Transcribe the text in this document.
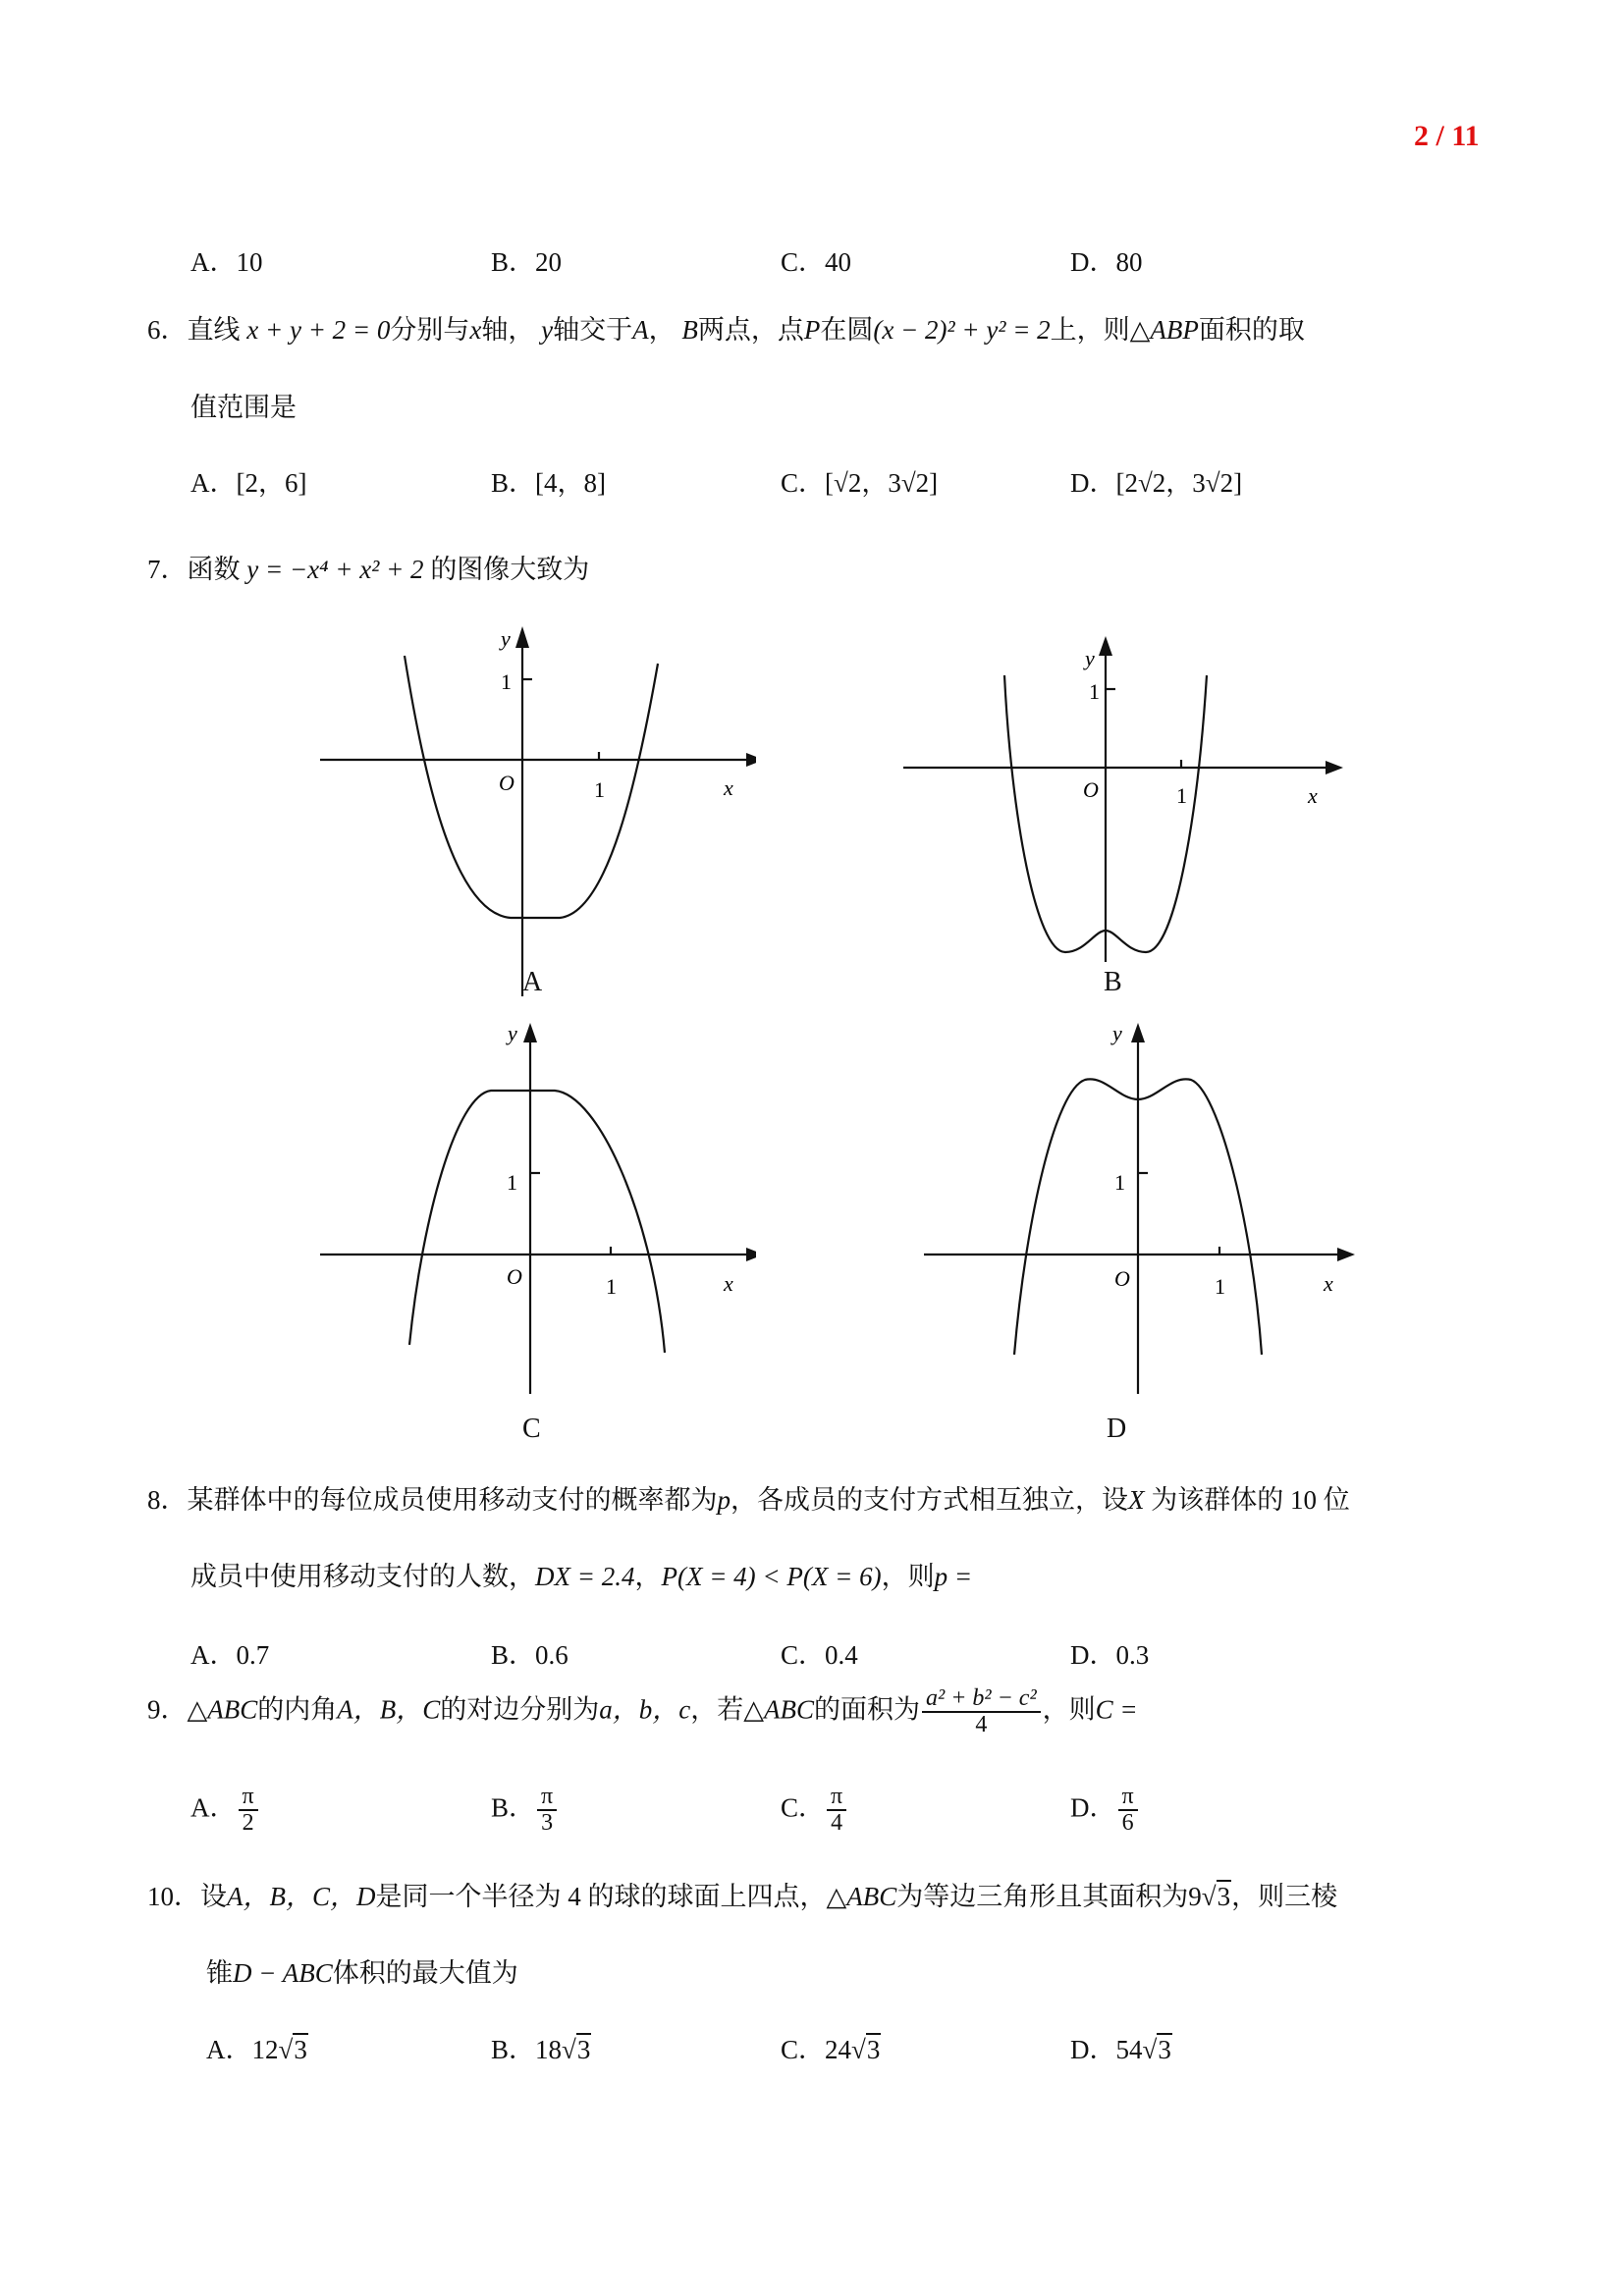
2 / 11
A．10	B．20	C．40	D．80
6．直线 x + y + 2 = 0分别与x轴， y轴交于A， B两点，点P在圆(x − 2)² + y² = 2上，则△ABP面积的取
值范围是
A．[2，6]	B．[4，8]	C．[√2，3√2]	D．[2√2，3√2]
7．函数 y = −x⁴ + x² + 2 的图像大致为
y
1
O	1	x
A
y
1
O	1	x
B
y
1
O	1	x
C
y
1
O	1	x
D
8．某群体中的每位成员使用移动支付的概率都为p，各成员的支付方式相互独立，设X 为该群体的 10 位
成员中使用移动支付的人数，DX = 2.4，P(X = 4) < P(X = 6)，则p =
A．0.7	B．0.6	C．0.4	D．0.3
9．△ABC的内角A，B，C的对边分别为a，b，c，若△ABC的面积为 $\frac{\text{a² + b² − c²}}{4}$ ，则C =
A． $\frac{\pi}{2}$	B． $\frac{\pi}{3}$	C． $\frac{\pi}{4}$	D． $\frac{\pi}{6}$
10．设A，B，C，D是同一个半径为 4 的球的球面上四点，△ABC为等边三角形且其面积为9√3，则三棱
锥D − ABC体积的最大值为
A．12√3	B．18√3	C．24√3	D．54√3
